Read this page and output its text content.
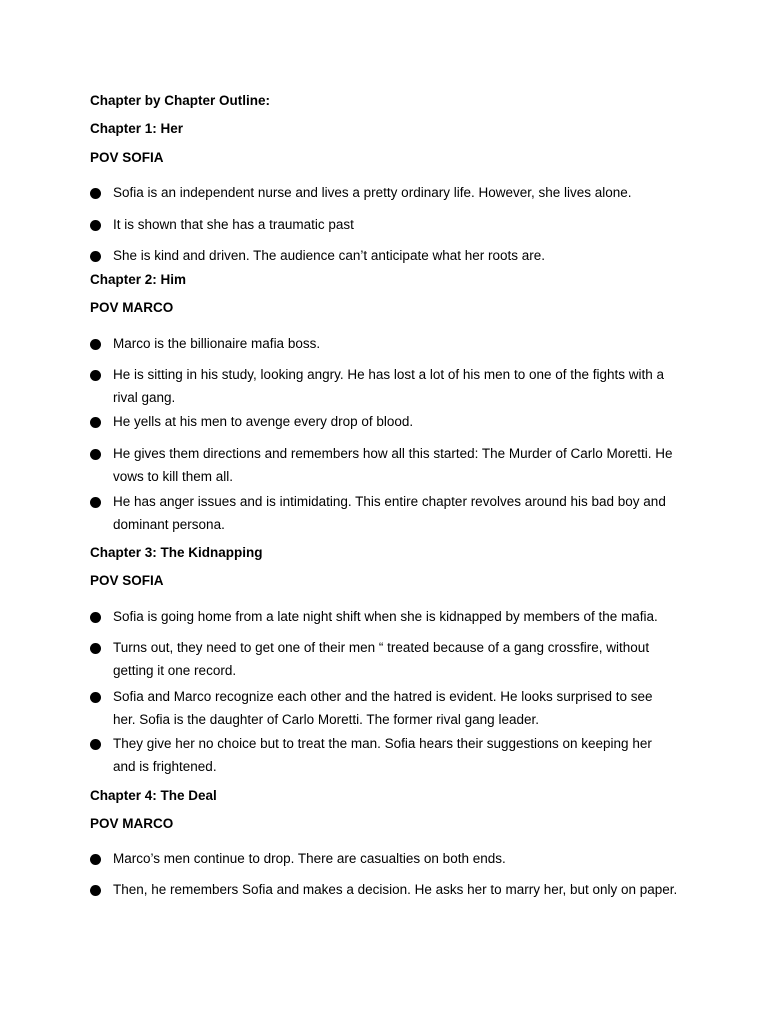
Chapter by Chapter Outline:
Chapter 1: Her
POV SOFIA
Sofia is an independent nurse and lives a pretty ordinary life. However, she lives alone.
It is shown that she has a traumatic past
She is kind and driven. The audience can’t anticipate what her roots are.
Chapter 2: Him
POV MARCO
Marco is the billionaire mafia boss.
He is sitting in his study, looking angry. He has lost a lot of his men to one of the fights with a rival gang.
He yells at his men to avenge every drop of blood.
He gives them directions and remembers how all this started: The Murder of Carlo Moretti. He vows to kill them all.
He has anger issues and is intimidating. This entire chapter revolves around his bad boy and dominant persona.
Chapter 3: The Kidnapping
POV SOFIA
Sofia is going home from a late night shift when she is kidnapped by members of the mafia.
Turns out, they need to get one of their men “ treated because of a gang crossfire, without getting it one record.
Sofia and Marco recognize each other and the hatred is evident. He looks surprised to see her. Sofia is the daughter of Carlo Moretti. The former rival gang leader.
They give her no choice but to treat the man. Sofia hears their suggestions on keeping her and is frightened.
Chapter 4: The Deal
POV MARCO
Marco’s men continue to drop. There are casualties on both ends.
Then, he remembers Sofia and makes a decision. He asks her to marry her, but only on paper.
